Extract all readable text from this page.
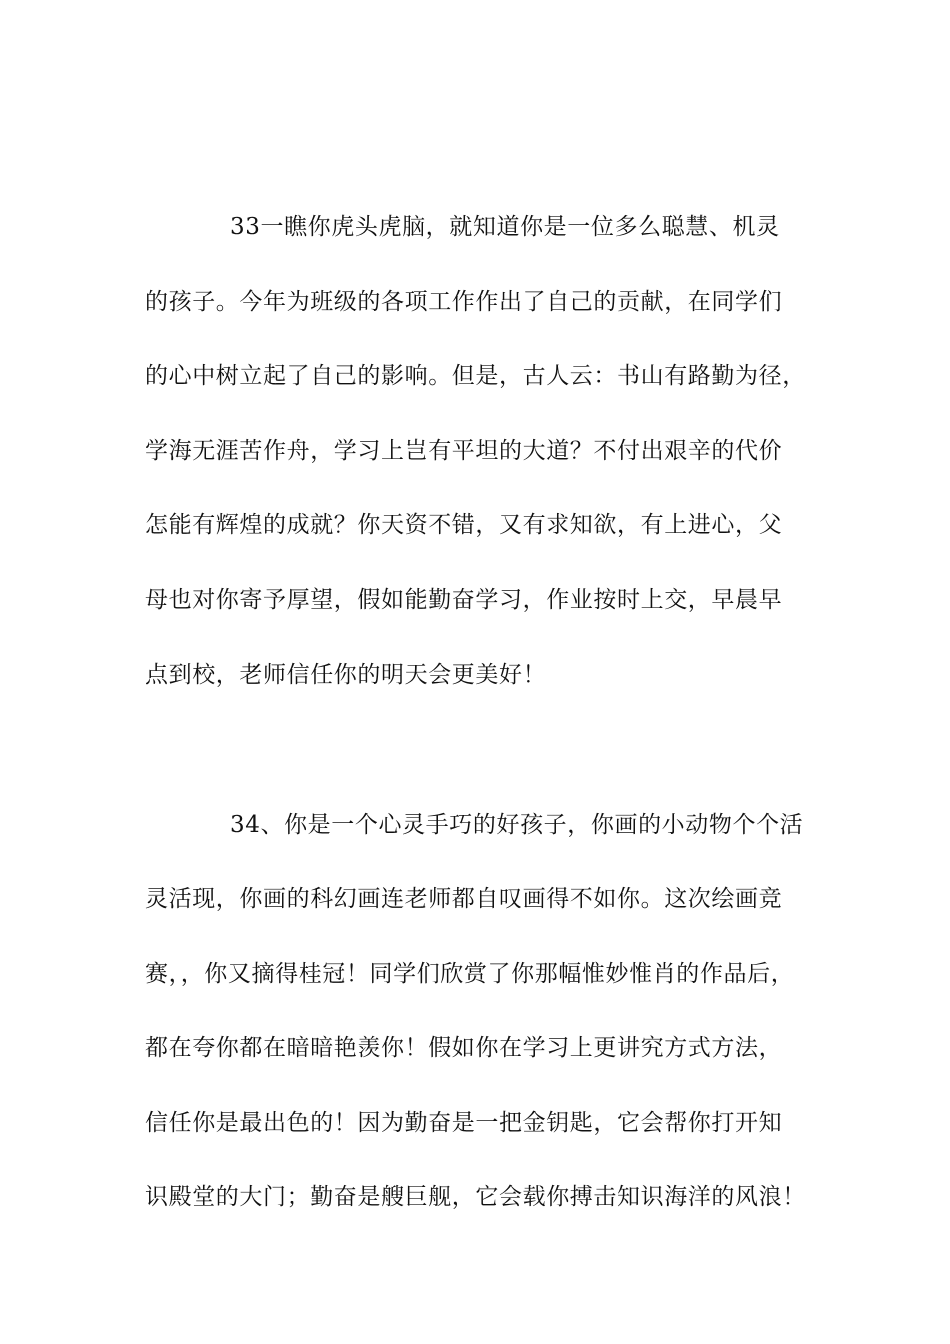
33一瞧你虎头虎脑，就知道你是一位多么聪慧、机灵
的孩子。今年为班级的各项工作作出了自己的贡献，在同学们
的心中树立起了自己的影响。但是，古人云：书山有路勤为径，
学海无涯苦作舟，学习上岂有平坦的大道？不付出艰辛的代价
怎能有辉煌的成就？你天资不错，又有求知欲，有上进心，父
母也对你寄予厚望，假如能勤奋学习，作业按时上交，早晨早
点到校，老师信任你的明天会更美好！
34、你是一个心灵手巧的好孩子，你画的小动物个个活
灵活现，你画的科幻画连老师都自叹画得不如你。这次绘画竞
赛，，你又摘得桂冠！同学们欣赏了你那幅惟妙惟肖的作品后，
都在夸你都在暗暗艳羡你！假如你在学习上更讲究方式方法，
信任你是最出色的！因为勤奋是一把金钥匙，它会帮你打开知
识殿堂的大门；勤奋是艘巨舰，它会载你搏击知识海洋的风浪！
